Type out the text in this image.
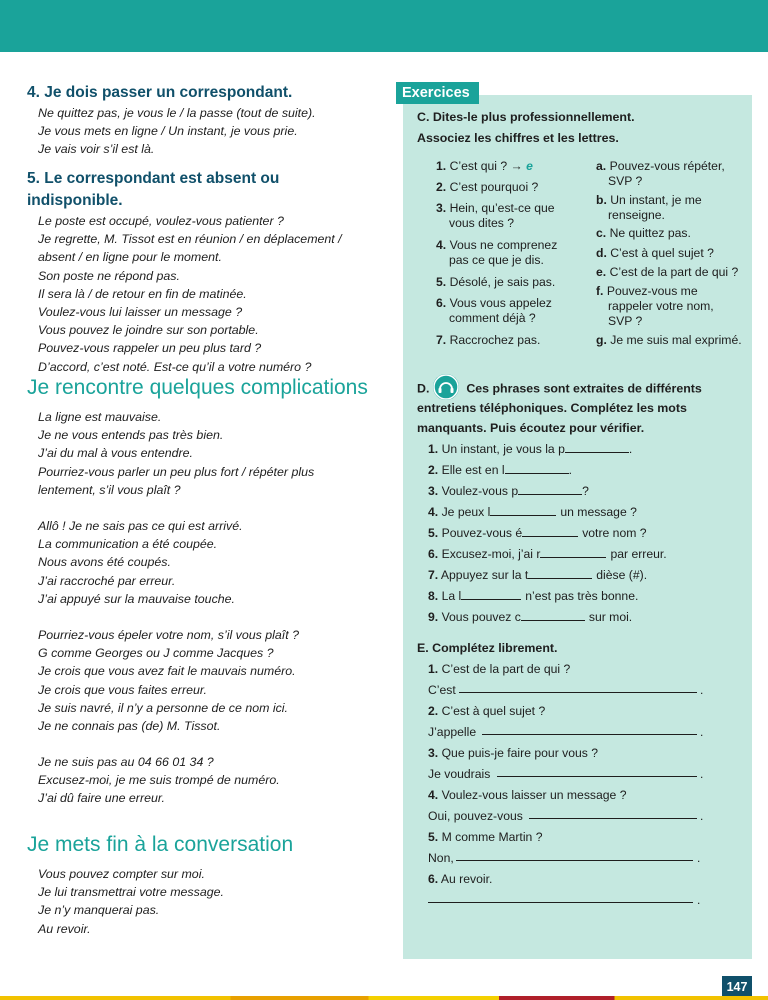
4. Je dois passer un correspondant.
Ne quittez pas, je vous le / la passe (tout de suite).
Je vous mets en ligne / Un instant, je vous prie.
Je vais voir s’il est là.
5. Le correspondant est absent ou indisponible.
Le poste est occupé, voulez-vous patienter ?
Je regrette, M. Tissot est en réunion / en déplacement /
absent / en ligne pour le moment.
Son poste ne répond pas.
Il sera là / de retour en fin de matinée.
Voulez-vous lui laisser un message ?
Vous pouvez le joindre sur son portable.
Pouvez-vous rappeler un peu plus tard ?
D’accord, c’est noté. Est-ce qu’il a votre numéro ?
Je rencontre quelques complications
La ligne est mauvaise.
Je ne vous entends pas très bien.
J’ai du mal à vous entendre.
Pourriez-vous parler un peu plus fort / répéter plus
lentement, s’il vous plaît ?
Allô ! Je ne sais pas ce qui est arrivé.
La communication a été coupée.
Nous avons été coupés.
J’ai raccroché par erreur.
J’ai appuyé sur la mauvaise touche.
Pourriez-vous épeler votre nom, s’il vous plaît ?
G comme Georges ou J comme Jacques ?
Je crois que vous avez fait le mauvais numéro.
Je crois que vous faites erreur.
Je suis navré, il n’y a personne de ce nom ici.
Je ne connais pas (de) M. Tissot.
Je ne suis pas au 04 66 01 34 ?
Excusez-moi, je me suis trompé de numéro.
J’ai dû faire une erreur.
Je mets fin à la conversation
Vous pouvez compter sur moi.
Je lui transmettrai votre message.
Je n’y manquerai pas.
Au revoir.
Exercices
C. Dites-le plus professionnellement.
Associez les chiffres et les lettres.
1. C’est qui ? → e
2. C’est pourquoi ?
3. Hein, qu’est-ce que
vous dites ?
4. Vous ne comprenez
pas ce que je dis.
5. Désolé, je sais pas.
6. Vous vous appelez
comment déjà ?
7. Raccrochez pas.
a. Pouvez-vous répéter,
SVP ?
b. Un instant, je me
renseigne.
c. Ne quittez pas.
d. C’est à quel sujet ?
e. C’est de la part de qui ?
f. Pouvez-vous me
rappeler votre nom,
SVP ?
g. Je me suis mal exprimé.
D.	Ces phrases sont extraites de différents
entretiens téléphoniques. Complétez les mots
manquants. Puis écoutez pour vérifier.
1. Un instant, je vous la p	.
2. Elle est en l	.
3. Voulez-vous p	?
4. Je peux l	un message ?
5. Pouvez-vous é	votre nom ?
6. Excusez-moi, j’ai r	par erreur.
7. Appuyez sur la t	dièse (#).
8. La l	n’est pas très bonne.
9. Vous pouvez c	sur moi.
E. Complétez librement.
1. C’est de la part de qui ?
C’est	.
2. C’est à quel sujet ?
J’appelle	.
3. Que puis-je faire pour vous ?
Je voudrais	.
4. Voulez-vous laisser un message ?
Oui, pouvez-vous	.
5. M comme Martin ?
Non,	.
6. Au revoir.
.
147
